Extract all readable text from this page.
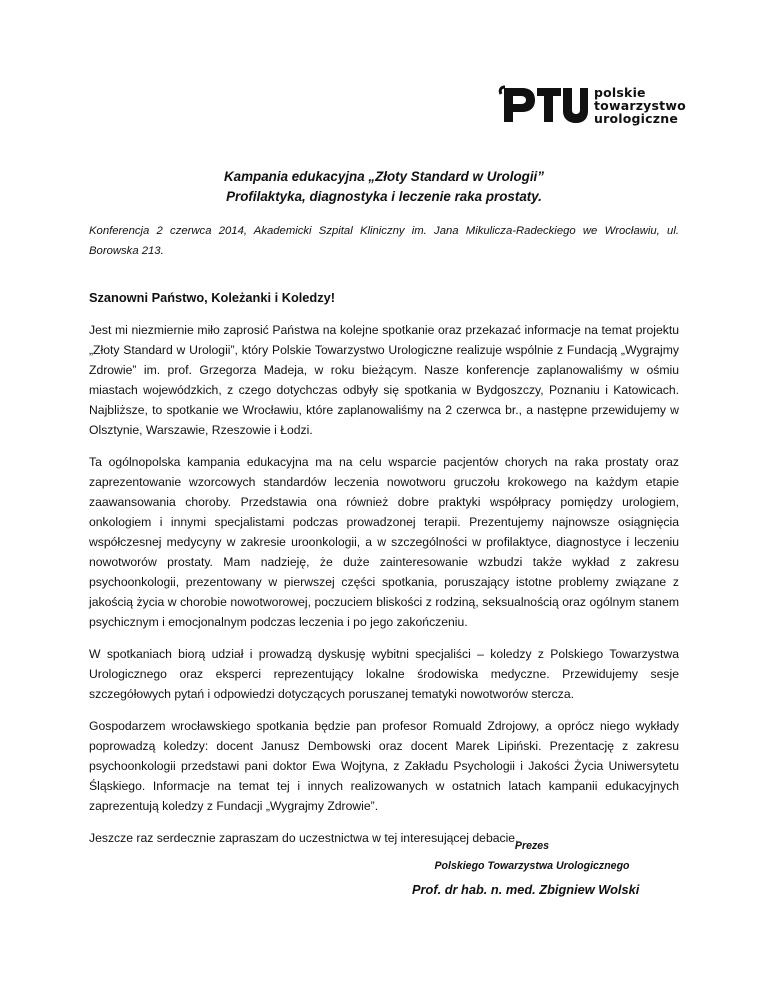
polskie
towarzystwo
urologiczne
Kampania edukacyjna „Złoty Standard w Urologii”
Profilaktyka, diagnostyka i leczenie raka prostaty.
Konferencja 2 czerwca 2014, Akademicki Szpital Kliniczny im. Jana Mikulicza-Radeckiego we Wrocławiu, ul. Borowska 213.
Szanowni Państwo, Koleżanki i Koledzy!

Jest mi niezmiernie miło zaprosić Państwa na kolejne spotkanie oraz przekazać informacje na temat projektu „Złoty Standard w Urologii”, który Polskie Towarzystwo Urologiczne realizuje wspólnie z Fundacją „Wygrajmy Zdrowie” im. prof. Grzegorza Madeja, w roku bieżącym. Nasze konferencje zaplanowaliśmy w ośmiu miastach wojewódzkich, z czego dotychczas odbyły się spotkania w Bydgoszczy, Poznaniu i Katowicach. Najbliższe, to spotkanie we Wrocławiu, które zaplanowaliśmy na 2 czerwca br., a następne przewidujemy w Olsztynie, Warszawie, Rzeszowie i Łodzi.

Ta ogólnopolska kampania edukacyjna ma na celu wsparcie pacjentów chorych na raka prostaty oraz zaprezentowanie wzorcowych standardów leczenia nowotworu gruczołu krokowego na każdym etapie zaawansowania choroby. Przedstawia ona również dobre praktyki współpracy pomiędzy urologiem, onkologiem i innymi specjalistami podczas prowadzonej terapii. Prezentujemy najnowsze osiągnięcia współczesnej medycyny w zakresie uroonkologii, a w szczególności w profilaktyce, diagnostyce i leczeniu nowotworów prostaty. Mam nadzieję, że duże zainteresowanie wzbudzi także wykład z zakresu psychoonkologii, prezentowany w pierwszej części spotkania, poruszający istotne problemy związane z jakością życia w chorobie nowotworowej, poczuciem bliskości z rodziną, seksualnością oraz ogólnym stanem psychicznym i emocjonalnym podczas leczenia i po jego zakończeniu.

W spotkaniach biorą udział i prowadzą dyskusję wybitni specjaliści – koledzy z Polskiego Towarzystwa Urologicznego oraz eksperci reprezentujący lokalne środowiska medyczne. Przewidujemy sesje szczegółowych pytań i odpowiedzi dotyczących poruszanej tematyki nowotworów stercza.

Gospodarzem wrocławskiego spotkania będzie pan profesor Romuald Zdrojowy, a oprócz niego wykłady poprowadzą koledzy: docent Janusz Dembowski oraz docent Marek Lipiński. Prezentację z zakresu psychoonkologii przedstawi pani doktor Ewa Wojtyna, z Zakładu Psychologii i Jakości Życia Uniwersytetu Śląskiego. Informacje na temat tej i innych realizowanych w ostatnich latach kampanii edukacyjnych zaprezentują koledzy z Fundacji „Wygrajmy Zdrowie”.

Jeszcze raz serdecznie zapraszam do uczestnictwa w tej interesującej debacie.

Prezes
Polskiego Towarzystwa Urologicznego
Prof. dr hab. n. med. Zbigniew Wolski
